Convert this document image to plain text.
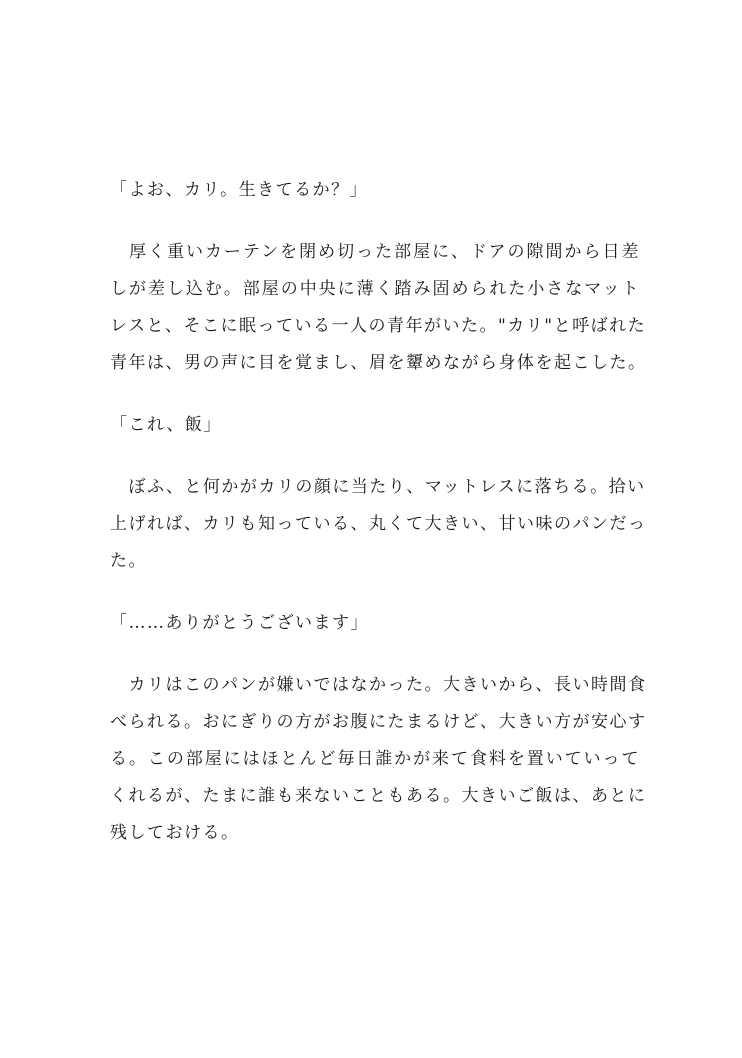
「よお、カリ。生きてるか？」
　厚く重いカーテンを閉め切った部屋に、ドアの隙間から日差
しが差し込む。部屋の中央に薄く踏み固められた小さなマット
レスと、そこに眠っている一人の青年がいた。"カリ"と呼ばれた
青年は、男の声に目を覚まし、眉を顰めながら身体を起こした。
「これ、飯」
　ぼふ、と何かがカリの顔に当たり、マットレスに落ちる。拾い
上げれば、カリも知っている、丸くて大きい、甘い味のパンだっ
た。
「……ありがとうございます」
　カリはこのパンが嫌いではなかった。大きいから、長い時間食
べられる。おにぎりの方がお腹にたまるけど、大きい方が安心す
る。この部屋にはほとんど毎日誰かが来て食料を置いていって
くれるが、たまに誰も来ないこともある。大きいご飯は、あとに
残しておける。
